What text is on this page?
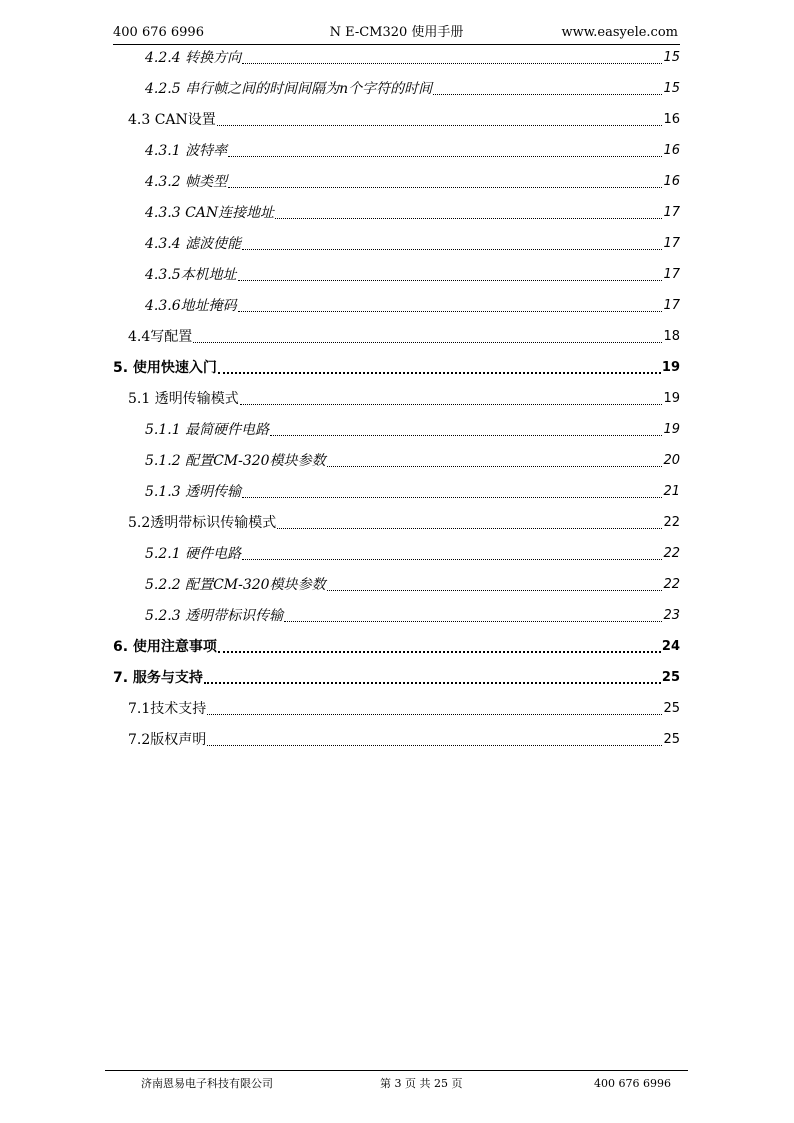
400 676 6996	N E-CM320 使用手册	www.easyele.com
4.2.4 转换方向	15
4.2.5 串行帧之间的时间间隔为n个字符的时间	15
4.3 CAN设置	16
4.3.1 波特率	16
4.3.2 帧类型	16
4.3.3 CAN连接地址	17
4.3.4 滤波使能	17
4.3.5本机地址	17
4.3.6地址掩码	17
4.4写配置	18
5. 使用快速入门	19
5.1 透明传输模式	19
5.1.1 最简硬件电路	19
5.1.2 配置CM-320模块参数	20
5.1.3 透明传输	21
5.2透明带标识传输模式	22
5.2.1 硬件电路	22
5.2.2 配置CM-320模块参数	22
5.2.3 透明带标识传输	23
6. 使用注意事项	24
7. 服务与支持	25
7.1技术支持	25
7.2版权声明	25
济南恩易电子科技有限公司	第 3 页 共 25 页	400 676 6996
